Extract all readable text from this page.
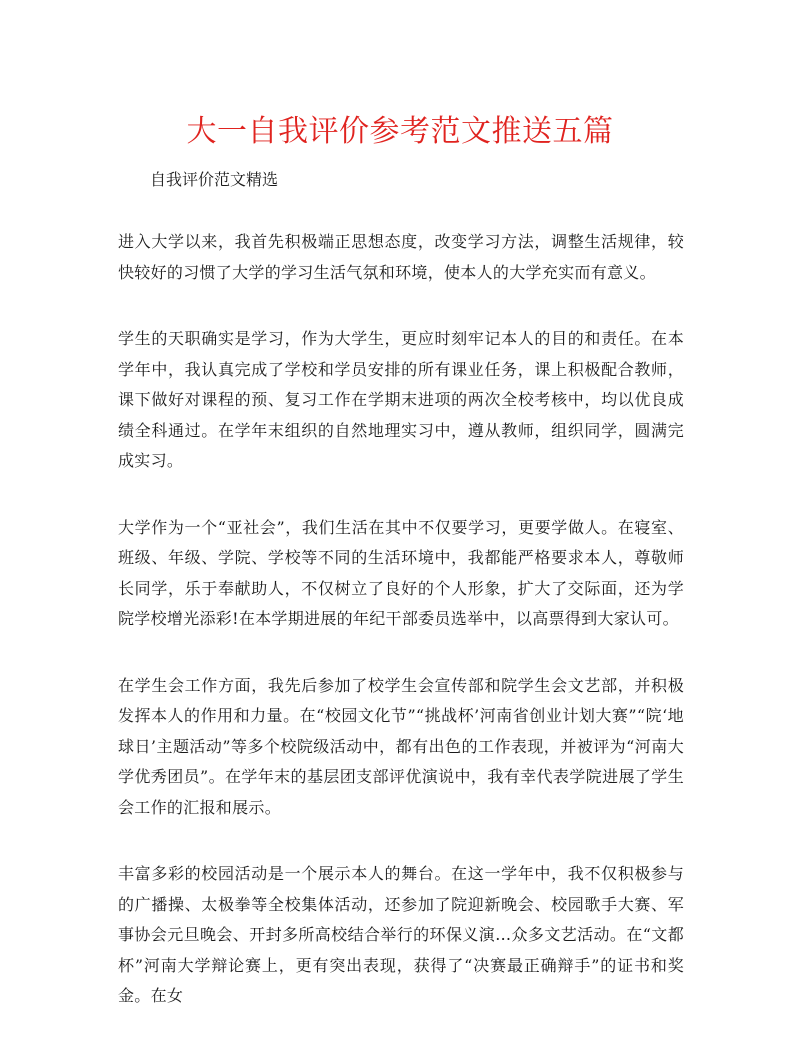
大一自我评价参考范文推送五篇

自我评价范文精选

进入大学以来，我首先积极端正思想态度，改变学习方法，调整生活规律，较快较好的习惯了大学的学习生活气氛和环境，使本人的大学充实而有意义。

学生的天职确实是学习，作为大学生，更应时刻牢记本人的目的和责任。在本学年中，我认真完成了学校和学员安排的所有课业任务，课上积极配合教师，课下做好对课程的预、复习工作在学期末进项的两次全校考核中，均以优良成绩全科通过。在学年末组织的自然地理实习中，遵从教师，组织同学，圆满完成实习。

大学作为一个“亚社会”，我们生活在其中不仅要学习，更要学做人。在寝室、班级、年级、学院、学校等不同的生活环境中，我都能严格要求本人，尊敬师长同学，乐于奉献助人，不仅树立了良好的个人形象，扩大了交际面，还为学院学校增光添彩!在本学期进展的年纪干部委员选举中，以高票得到大家认可。

在学生会工作方面，我先后参加了校学生会宣传部和院学生会文艺部，并积极发挥本人的作用和力量。在“校园文化节”“挑战杯’河南省创业计划大赛”“院‘地球日’主题活动”等多个校院级活动中，都有出色的工作表现，并被评为“河南大学优秀团员”。在学年末的基层团支部评优演说中，我有幸代表学院进展了学生会工作的汇报和展示。

丰富多彩的校园活动是一个展示本人的舞台。在这一学年中，我不仅积极参与的广播操、太极拳等全校集体活动，还参加了院迎新晚会、校园歌手大赛、军事协会元旦晚会、开封多所高校结合举行的环保义演…众多文艺活动。在“文都杯”河南大学辩论赛上，更有突出表现，获得了“决赛最正确辩手”的证书和奖金。在女
